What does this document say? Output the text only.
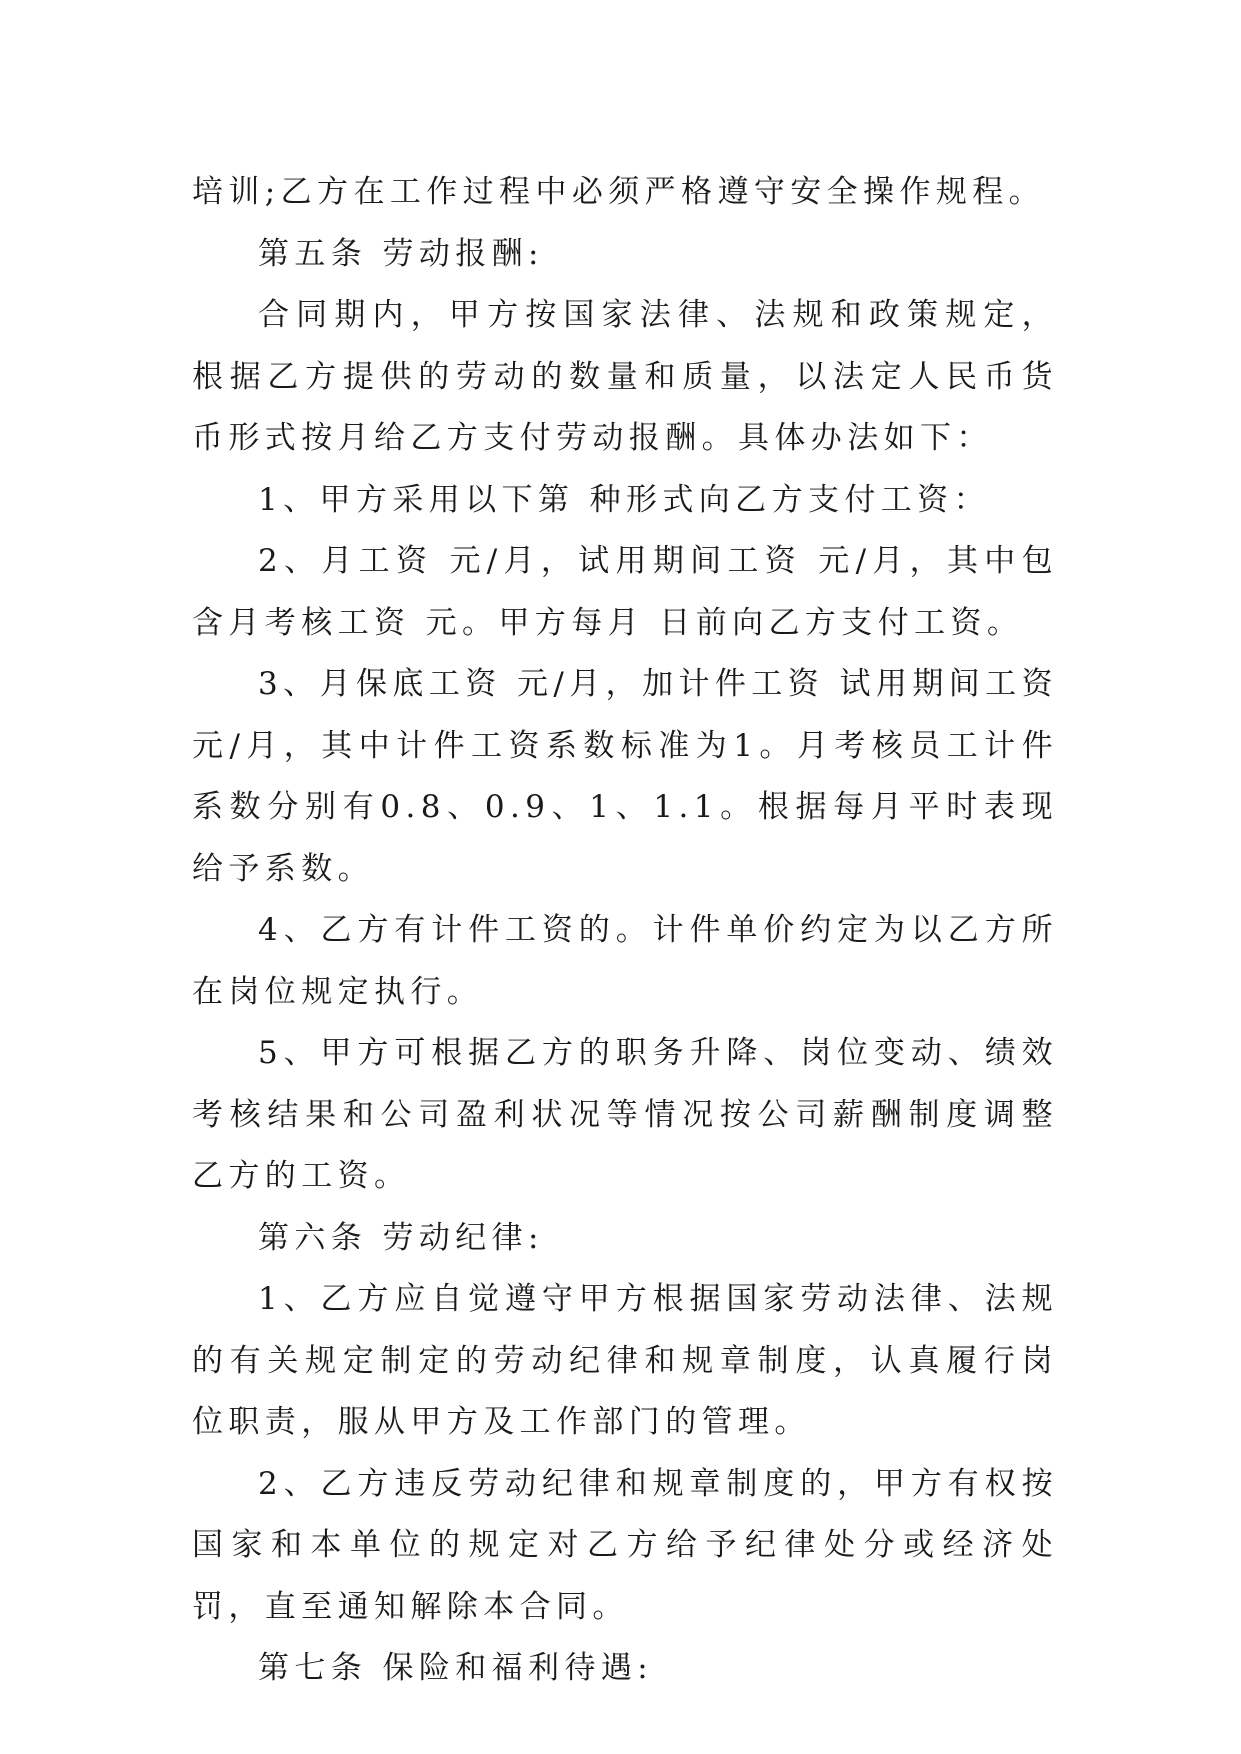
培训;乙方在工作过程中必须严格遵守安全操作规程。

第五条 劳动报酬:

合同期内，甲方按国家法律、法规和政策规定，根据乙方提供的劳动的数量和质量，以法定人民币货币形式按月给乙方支付劳动报酬。具体办法如下：

1、甲方采用以下第 种形式向乙方支付工资：

2、月工资 元/月，试用期间工资 元/月，其中包含月考核工资 元。甲方每月 日前向乙方支付工资。

3、月保底工资 元/月，加计件工资 试用期间工资 元/月，其中计件工资系数标准为1。月考核员工计件系数分别有0.8、0.9、1、1.1。根据每月平时表现给予系数。

4、乙方有计件工资的。计件单价约定为以乙方所在岗位规定执行。

5、甲方可根据乙方的职务升降、岗位变动、绩效考核结果和公司盈利状况等情况按公司薪酬制度调整乙方的工资。

第六条 劳动纪律:

1、乙方应自觉遵守甲方根据国家劳动法律、法规的有关规定制定的劳动纪律和规章制度，认真履行岗位职责，服从甲方及工作部门的管理。

2、乙方违反劳动纪律和规章制度的，甲方有权按国家和本单位的规定对乙方给予纪律处分或经济处罚，直至通知解除本合同。

第七条 保险和福利待遇:
